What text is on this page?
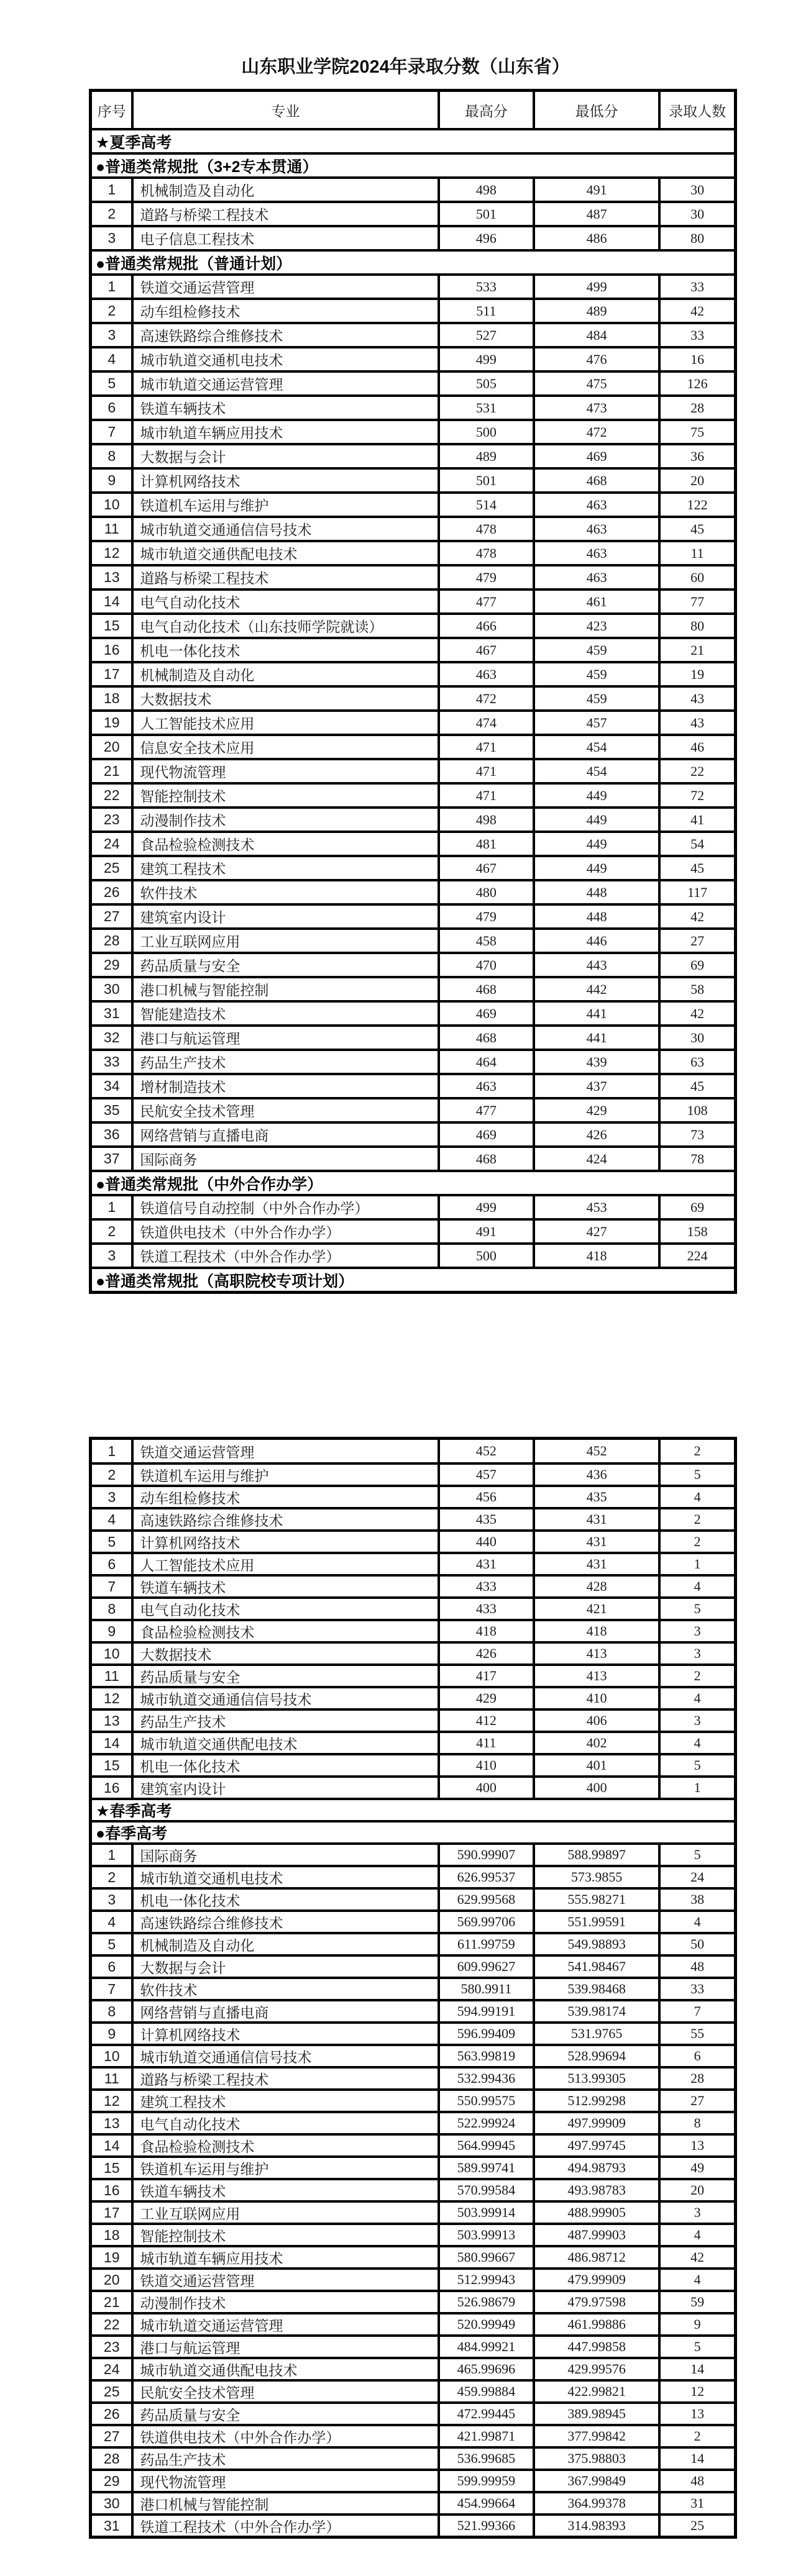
山东职业学院2024年录取分数（山东省）
序号	专业	最高分	最低分	录取人数
★夏季高考
●普通类常规批（3+2专本贯通）
1	机械制造及自动化	498	491	30
2	道路与桥梁工程技术	501	487	30
3	电子信息工程技术	496	486	80
●普通类常规批（普通计划）
1	铁道交通运营管理	533	499	33
2	动车组检修技术	511	489	42
3	高速铁路综合维修技术	527	484	33
4	城市轨道交通机电技术	499	476	16
5	城市轨道交通运营管理	505	475	126
6	铁道车辆技术	531	473	28
7	城市轨道车辆应用技术	500	472	75
8	大数据与会计	489	469	36
9	计算机网络技术	501	468	20
10	铁道机车运用与维护	514	463	122
11	城市轨道交通通信信号技术	478	463	45
12	城市轨道交通供配电技术	478	463	11
13	道路与桥梁工程技术	479	463	60
14	电气自动化技术	477	461	77
15	电气自动化技术（山东技师学院就读）	466	423	80
16	机电一体化技术	467	459	21
17	机械制造及自动化	463	459	19
18	大数据技术	472	459	43
19	人工智能技术应用	474	457	43
20	信息安全技术应用	471	454	46
21	现代物流管理	471	454	22
22	智能控制技术	471	449	72
23	动漫制作技术	498	449	41
24	食品检验检测技术	481	449	54
25	建筑工程技术	467	449	45
26	软件技术	480	448	117
27	建筑室内设计	479	448	42
28	工业互联网应用	458	446	27
29	药品质量与安全	470	443	69
30	港口机械与智能控制	468	442	58
31	智能建造技术	469	441	42
32	港口与航运管理	468	441	30
33	药品生产技术	464	439	63
34	增材制造技术	463	437	45
35	民航安全技术管理	477	429	108
36	网络营销与直播电商	469	426	73
37	国际商务	468	424	78
●普通类常规批（中外合作办学）
1	铁道信号自动控制（中外合作办学）	499	453	69
2	铁道供电技术（中外合作办学）	491	427	158
3	铁道工程技术（中外合作办学）	500	418	224
●普通类常规批（高职院校专项计划）
1	铁道交通运营管理	452	452	2
2	铁道机车运用与维护	457	436	5
3	动车组检修技术	456	435	4
4	高速铁路综合维修技术	435	431	2
5	计算机网络技术	440	431	2
6	人工智能技术应用	431	431	1
7	铁道车辆技术	433	428	4
8	电气自动化技术	433	421	5
9	食品检验检测技术	418	418	3
10	大数据技术	426	413	3
11	药品质量与安全	417	413	2
12	城市轨道交通通信信号技术	429	410	4
13	药品生产技术	412	406	3
14	城市轨道交通供配电技术	411	402	4
15	机电一体化技术	410	401	5
16	建筑室内设计	400	400	1
★春季高考
●春季高考
1	国际商务	590.99907	588.99897	5
2	城市轨道交通机电技术	626.99537	573.9855	24
3	机电一体化技术	629.99568	555.98271	38
4	高速铁路综合维修技术	569.99706	551.99591	4
5	机械制造及自动化	611.99759	549.98893	50
6	大数据与会计	609.99627	541.98467	48
7	软件技术	580.9911	539.98468	33
8	网络营销与直播电商	594.99191	539.98174	7
9	计算机网络技术	596.99409	531.9765	55
10	城市轨道交通通信信号技术	563.99819	528.99694	6
11	道路与桥梁工程技术	532.99436	513.99305	28
12	建筑工程技术	550.99575	512.99298	27
13	电气自动化技术	522.99924	497.99909	8
14	食品检验检测技术	564.99945	497.99745	13
15	铁道机车运用与维护	589.99741	494.98793	49
16	铁道车辆技术	570.99584	493.98783	20
17	工业互联网应用	503.99914	488.99905	3
18	智能控制技术	503.99913	487.99903	4
19	城市轨道车辆应用技术	580.99667	486.98712	42
20	铁道交通运营管理	512.99943	479.99909	4
21	动漫制作技术	526.98679	479.97598	59
22	城市轨道交通运营管理	520.99949	461.99886	9
23	港口与航运管理	484.99921	447.99858	5
24	城市轨道交通供配电技术	465.99696	429.99576	14
25	民航安全技术管理	459.99884	422.99821	12
26	药品质量与安全	472.99445	389.98945	13
27	铁道供电技术（中外合作办学）	421.99871	377.99842	2
28	药品生产技术	536.99685	375.98803	14
29	现代物流管理	599.99959	367.99849	48
30	港口机械与智能控制	454.99664	364.99378	31
31	铁道工程技术（中外合作办学）	521.99366	314.98393	25
